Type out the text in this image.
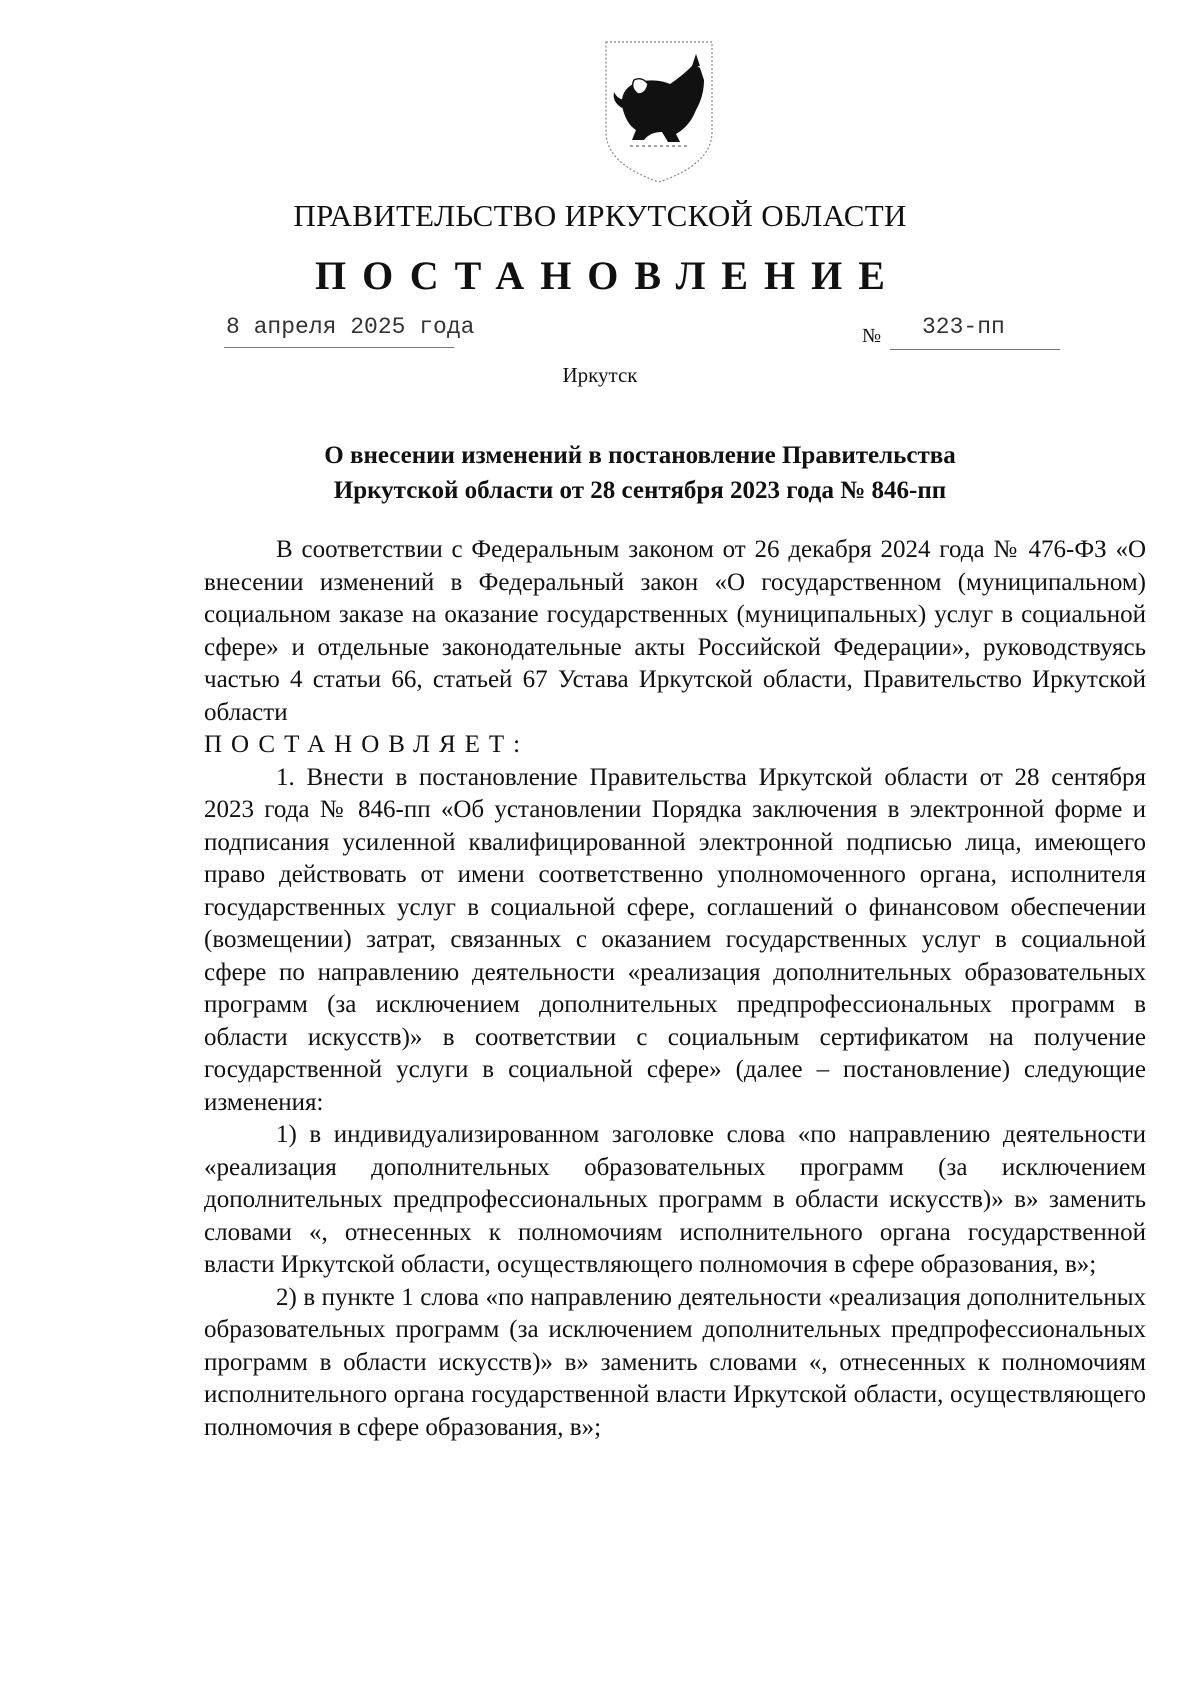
ПРАВИТЕЛЬСТВО ИРКУТСКОЙ ОБЛАСТИ
ПОСТАНОВЛЕНИЕ
8 апреля 2025 года	№ 323-пп
Иркутск
О внесении изменений в постановление Правительства
Иркутской области от 28 сентября 2023 года № 846-пп

В соответствии с Федеральным законом от 26 декабря 2024 года № 476-ФЗ «О внесении изменений в Федеральный закон «О государственном (муниципальном) социальном заказе на оказание государственных (муниципальных) услуг в социальной сфере» и отдельные законодательные акты Российской Федерации», руководствуясь частью 4 статьи 66, статьей 67 Устава Иркутской области, Правительство Иркутской области

ПОСТАНОВЛЯЕТ:

1. Внести в постановление Правительства Иркутской области от 28 сентября 2023 года № 846-пп «Об установлении Порядка заключения в электронной форме и подписания усиленной квалифицированной электронной подписью лица, имеющего право действовать от имени соответственно уполномоченного органа, исполнителя государственных услуг в социальной сфере, соглашений о финансовом обеспечении (возмещении) затрат, связанных с оказанием государственных услуг в социальной сфере по направлению деятельности «реализация дополнительных образовательных программ (за исключением дополнительных предпрофессиональных программ в области искусств)» в соответствии с социальным сертификатом на получение государственной услуги в социальной сфере» (далее – постановление) следующие изменения:

1) в индивидуализированном заголовке слова «по направлению деятельности «реализация дополнительных образовательных программ (за исключением дополнительных предпрофессиональных программ в области искусств)» в» заменить словами «, отнесенных к полномочиям исполнительного органа государственной власти Иркутской области, осуществляющего полномочия в сфере образования, в»;

2) в пункте 1 слова «по направлению деятельности «реализация дополнительных образовательных программ (за исключением дополнительных предпрофессиональных программ в области искусств)» в» заменить словами «, отнесенных к полномочиям исполнительного органа государственной власти Иркутской области, осуществляющего полномочия в сфере образования, в»;
